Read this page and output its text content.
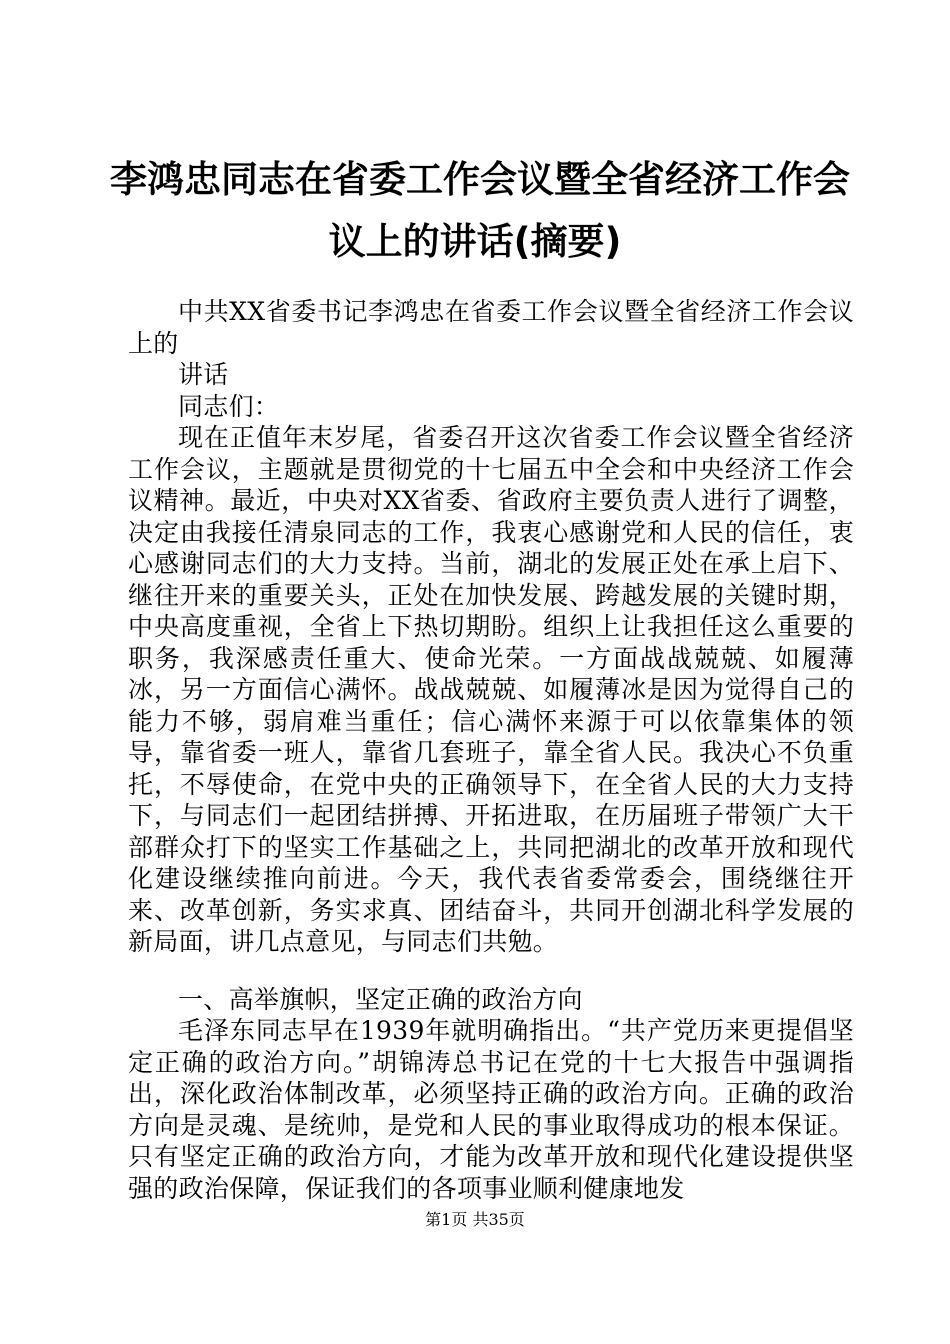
李鸿忠同志在省委工作会议暨全省经济工作会
议上的讲话(摘要)

中共XX省委书记李鸿忠在省委工作会议暨全省经济工作会议上的

讲话

同志们：

现在正值年末岁尾，省委召开这次省委工作会议暨全省经济工作会议，主题就是贯彻党的十七届五中全会和中央经济工作会议精神。最近，中央对XX省委、省政府主要负责人进行了调整，决定由我接任清泉同志的工作，我衷心感谢党和人民的信任，衷心感谢同志们的大力支持。当前，湖北的发展正处在承上启下、继往开来的重要关头，正处在加快发展、跨越发展的关键时期，中央高度重视，全省上下热切期盼。组织上让我担任这么重要的职务，我深感责任重大、使命光荣。一方面战战兢兢、如履薄冰，另一方面信心满怀。战战兢兢、如履薄冰是因为觉得自己的能力不够，弱肩难当重任；信心满怀来源于可以依靠集体的领导，靠省委一班人，靠省几套班子，靠全省人民。我决心不负重托，不辱使命，在党中央的正确领导下，在全省人民的大力支持下，与同志们一起团结拼搏、开拓进取，在历届班子带领广大干部群众打下的坚实工作基础之上，共同把湖北的改革开放和现代化建设继续推向前进。今天，我代表省委常委会，围绕继往开来、改革创新，务实求真、团结奋斗，共同开创湖北科学发展的新局面，讲几点意见，与同志们共勉。

一、高举旗帜，坚定正确的政治方向

毛泽东同志早在1939年就明确指出。“共产党历来更提倡坚定正确的政治方向。”胡锦涛总书记在党的十七大报告中强调指出，深化政治体制改革，必须坚持正确的政治方向。正确的政治方向是灵魂、是统帅，是党和人民的事业取得成功的根本保证。只有坚定正确的政治方向，才能为改革开放和现代化建设提供坚强的政治保障，保证我们的各项事业顺利健康地发

第1页 共35页
